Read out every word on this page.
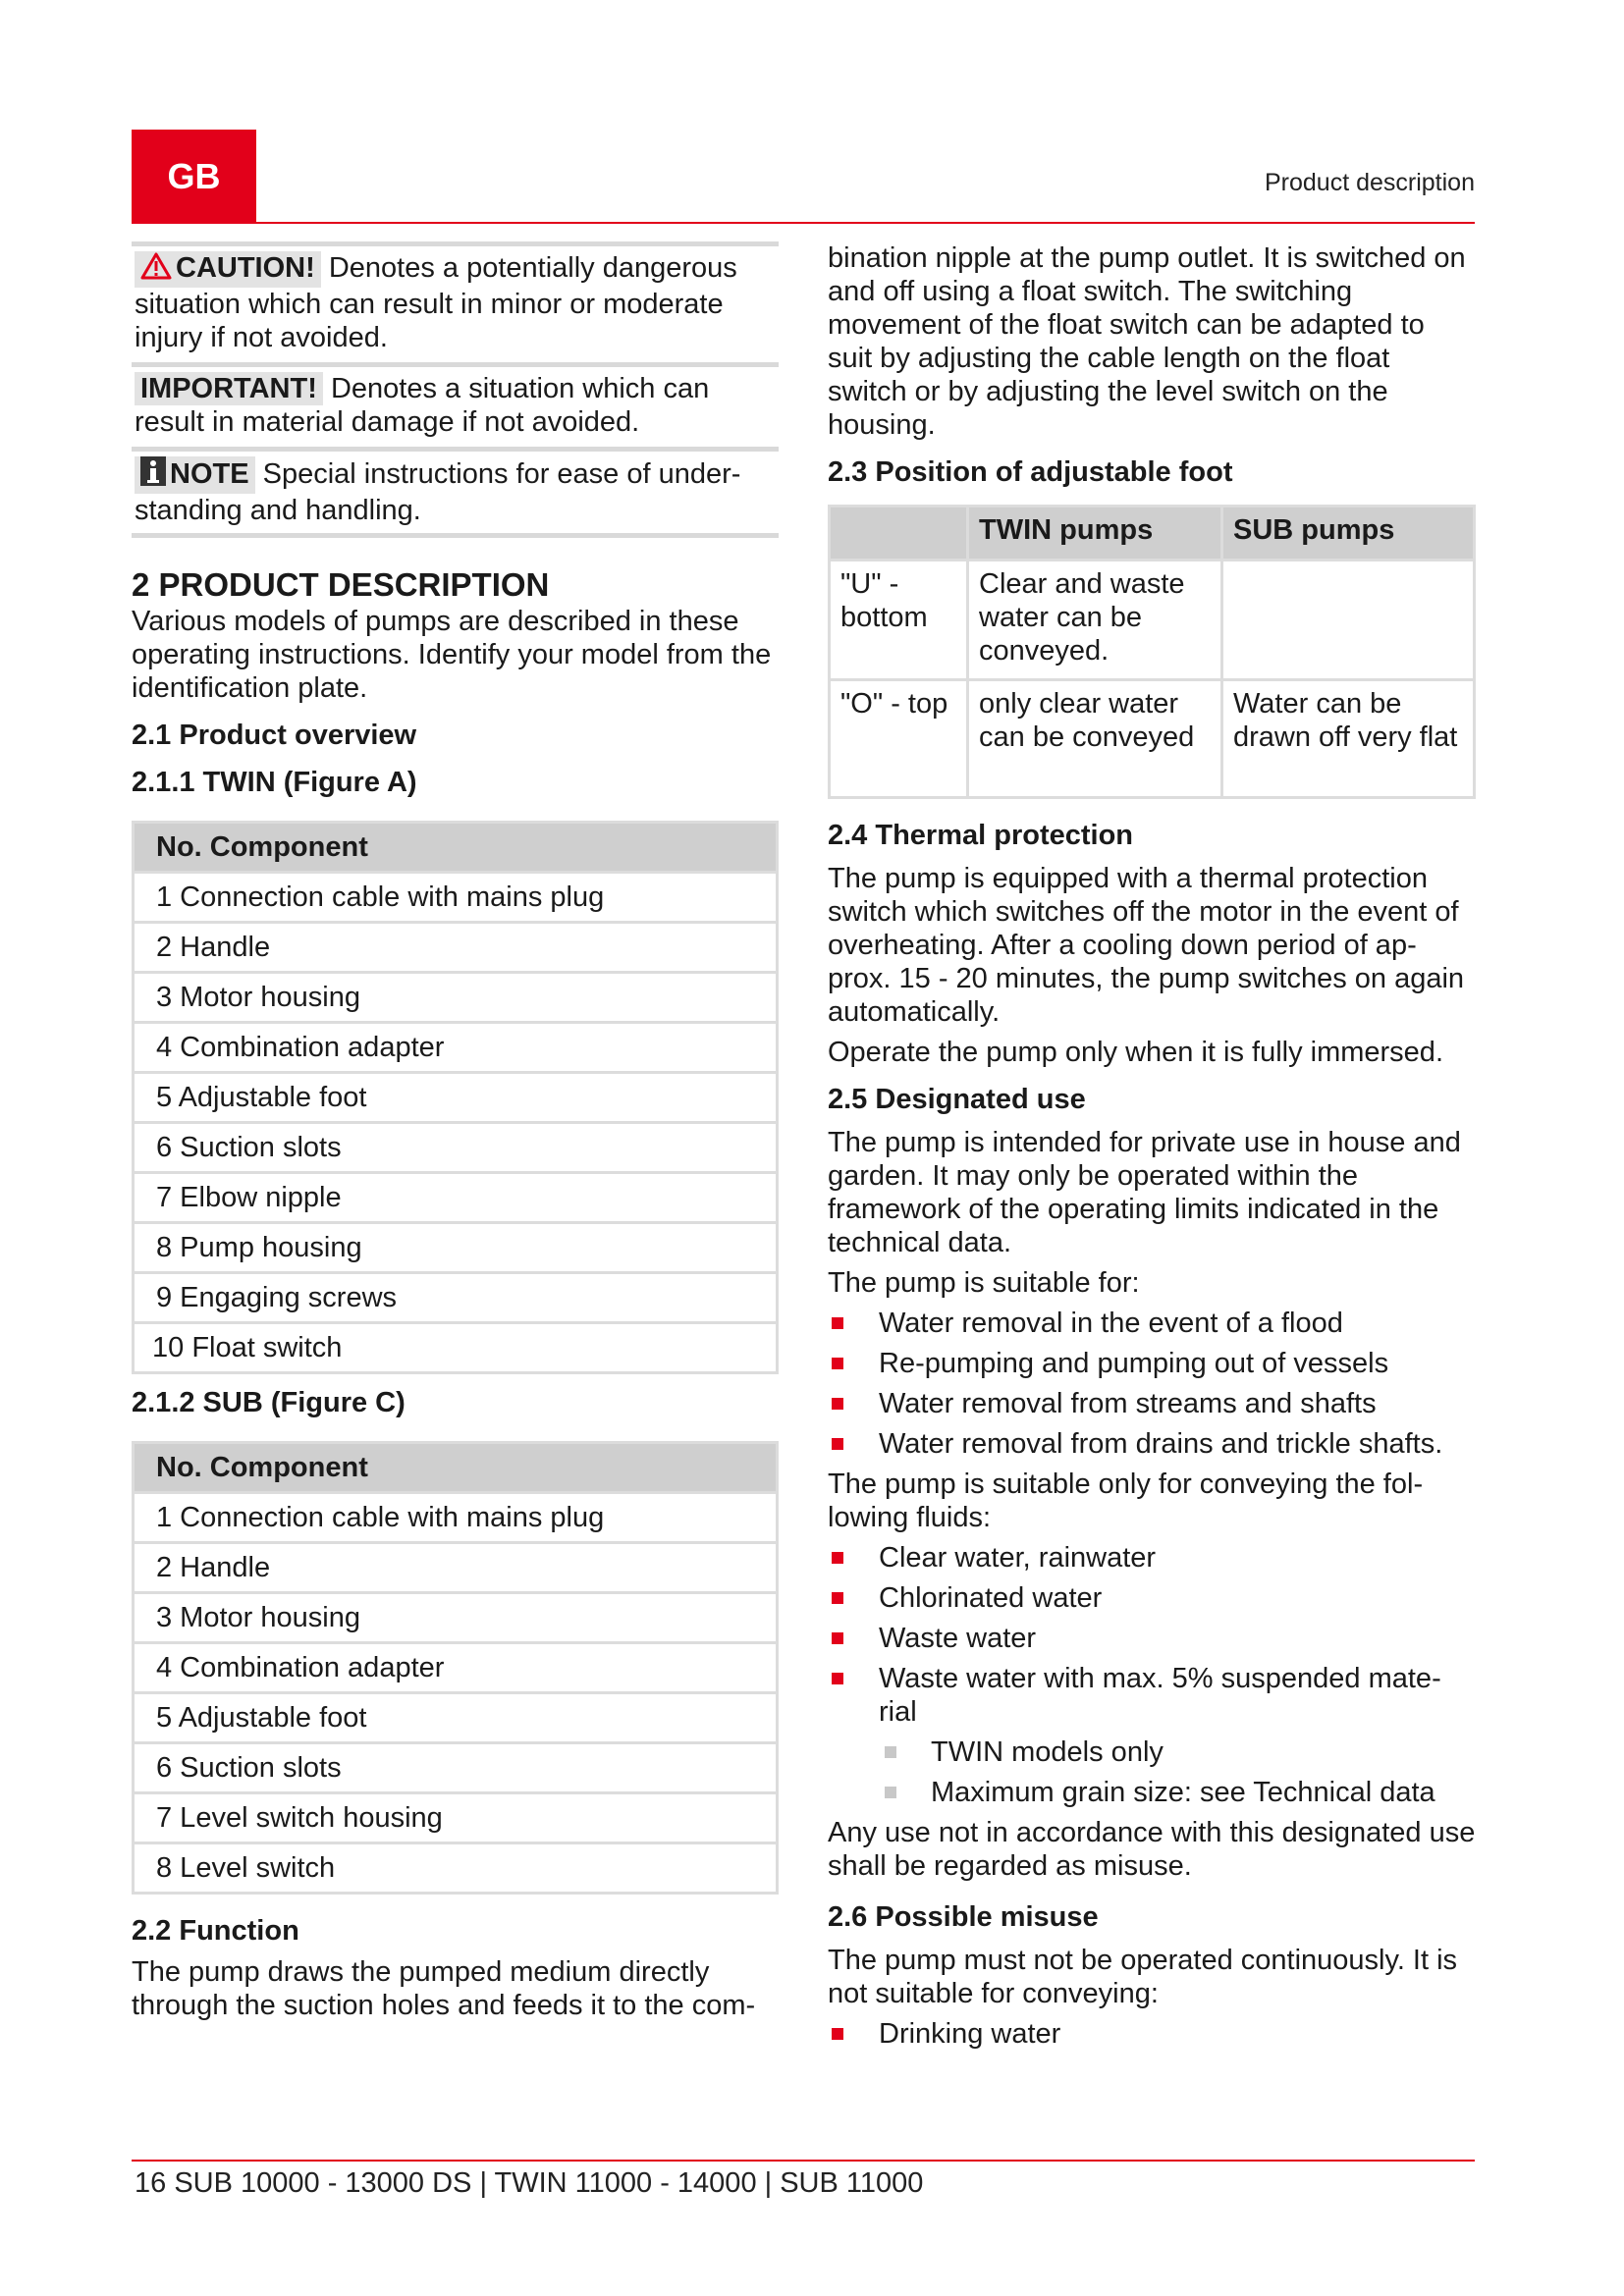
GB	Product description

CAUTION! Denotes a potentially dangerous situation which can result in minor or moderate injury if not avoided.

IMPORTANT! Denotes a situation which can result in material damage if not avoided.

NOTE Special instructions for ease of under-standing and handling.

2 PRODUCT DESCRIPTION

Various models of pumps are described in these operating instructions. Identify your model from the identification plate.

2.1 Product overview
2.1.1 TWIN (Figure A)
No. Component
1 Connection cable with mains plug
2 Handle
3 Motor housing
4 Combination adapter
5 Adjustable foot
6 Suction slots
7 Elbow nipple
8 Pump housing
9 Engaging screws
10 Float switch
2.1.2 SUB (Figure C)
No. Component
1 Connection cable with mains plug
2 Handle
3 Motor housing
4 Combination adapter
5 Adjustable foot
6 Suction slots
7 Level switch housing
8 Level switch
2.2 Function

The pump draws the pumped medium directly through the suction holes and feeds it to the com-

bination nipple at the pump outlet. It is switched on and off using a float switch. The switching movement of the float switch can be adapted to suit by adjusting the cable length on the float switch or by adjusting the level switch on the housing.

2.3 Position of adjustable foot
	TWIN pumps	SUB pumps
"U" - bottom	Clear and waste water can be conveyed.	
"O" - top	only clear water can be conveyed	Water can be drawn off very flat
2.4 Thermal protection

The pump is equipped with a thermal protection switch which switches off the motor in the event of overheating. After a cooling down period of ap-prox. 15 - 20 minutes, the pump switches on again automatically.

Operate the pump only when it is fully immersed.

2.5 Designated use

The pump is intended for private use in house and garden. It may only be operated within the framework of the operating limits indicated in the technical data.

The pump is suitable for:

Water removal in the event of a flood
Re-pumping and pumping out of vessels
Water removal from streams and shafts
Water removal from drains and trickle shafts.

The pump is suitable only for conveying the fol-lowing fluids:

Clear water, rainwater
Chlorinated water
Waste water
Waste water with max. 5% suspended mate-rial
TWIN models only
Maximum grain size: see Technical data

Any use not in accordance with this designated use shall be regarded as misuse.

2.6 Possible misuse

The pump must not be operated continuously. It is not suitable for conveying:

Drinking water
16 SUB 10000 - 13000 DS | TWIN 11000 - 14000 | SUB 11000
